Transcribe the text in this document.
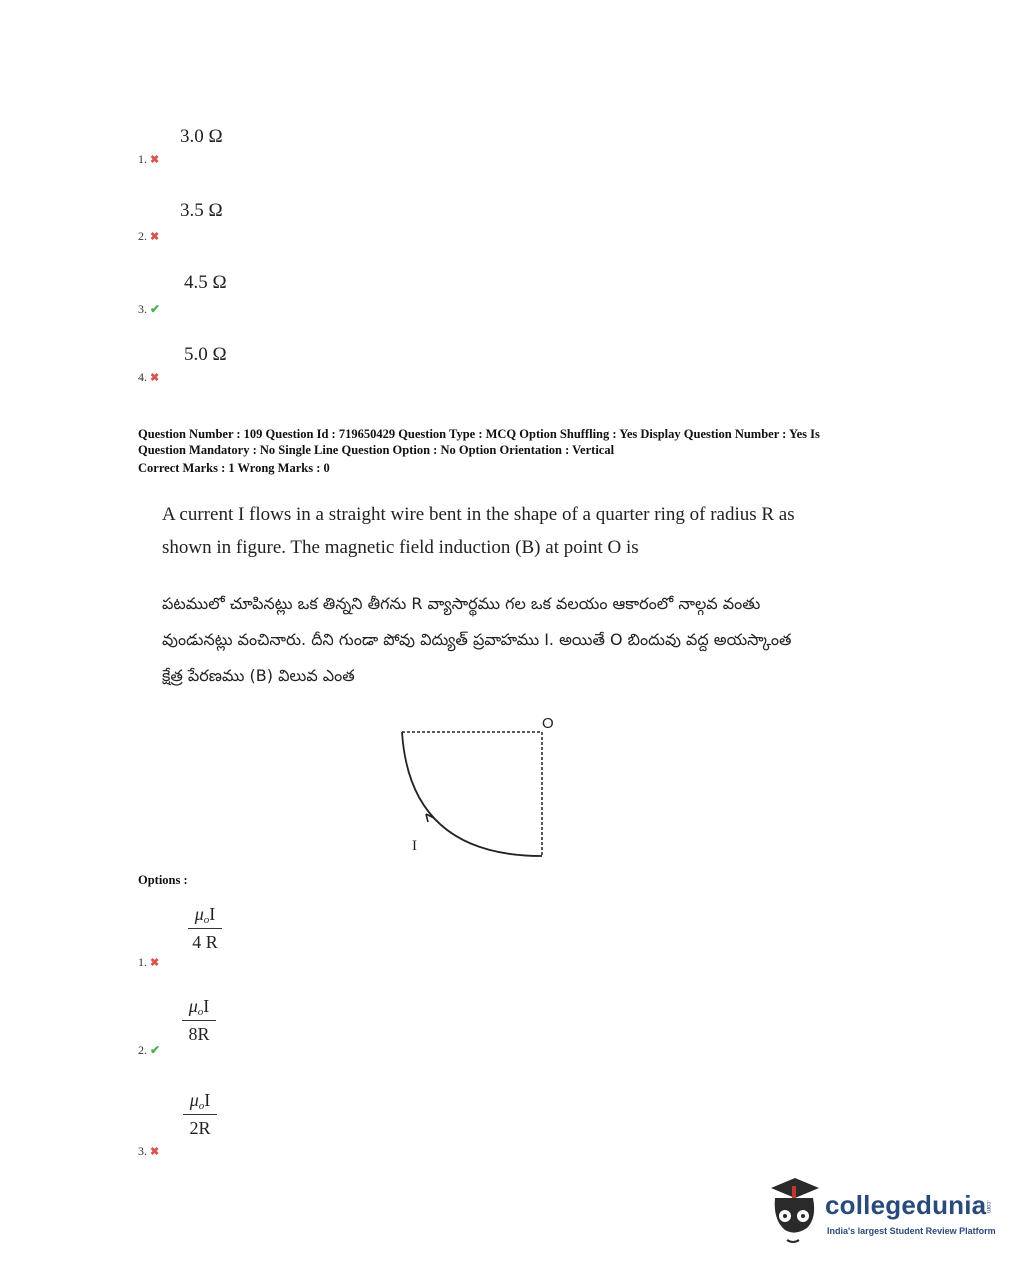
3.0 Ω
1. ✖
3.5 Ω
2. ✖
4.5 Ω
3. ✔
5.0 Ω
4. ✖
Question Number : 109 Question Id : 719650429 Question Type : MCQ Option Shuffling : Yes Display Question Number : Yes Is
Question Mandatory : No Single Line Question Option : No Option Orientation : Vertical
Correct Marks : 1 Wrong Marks : 0
A current I flows in a straight wire bent in the shape of a quarter ring of radius R as
shown in figure. The magnetic field induction (B) at point O is
పటములో చూపినట్లు ఒక తిన్నని తీగను R వ్యాసార్థము గల ఒక వలయం ఆకారంలో నాల్గవ వంతు
వుండునట్లు వంచినారు. దీని గుండా పోవు విద్యుత్ ప్రవాహము I. అయితే O బిందువు వద్ద అయస్కాంత
క్షేత్ర పేరణము (B) విలువ ఎంత
O
I
Options :
μoI
4 R
1. ✖
μoI
8R
2. ✔
μoI
2R
3. ✖
collegedunia
.com
India's largest Student Review Platform
